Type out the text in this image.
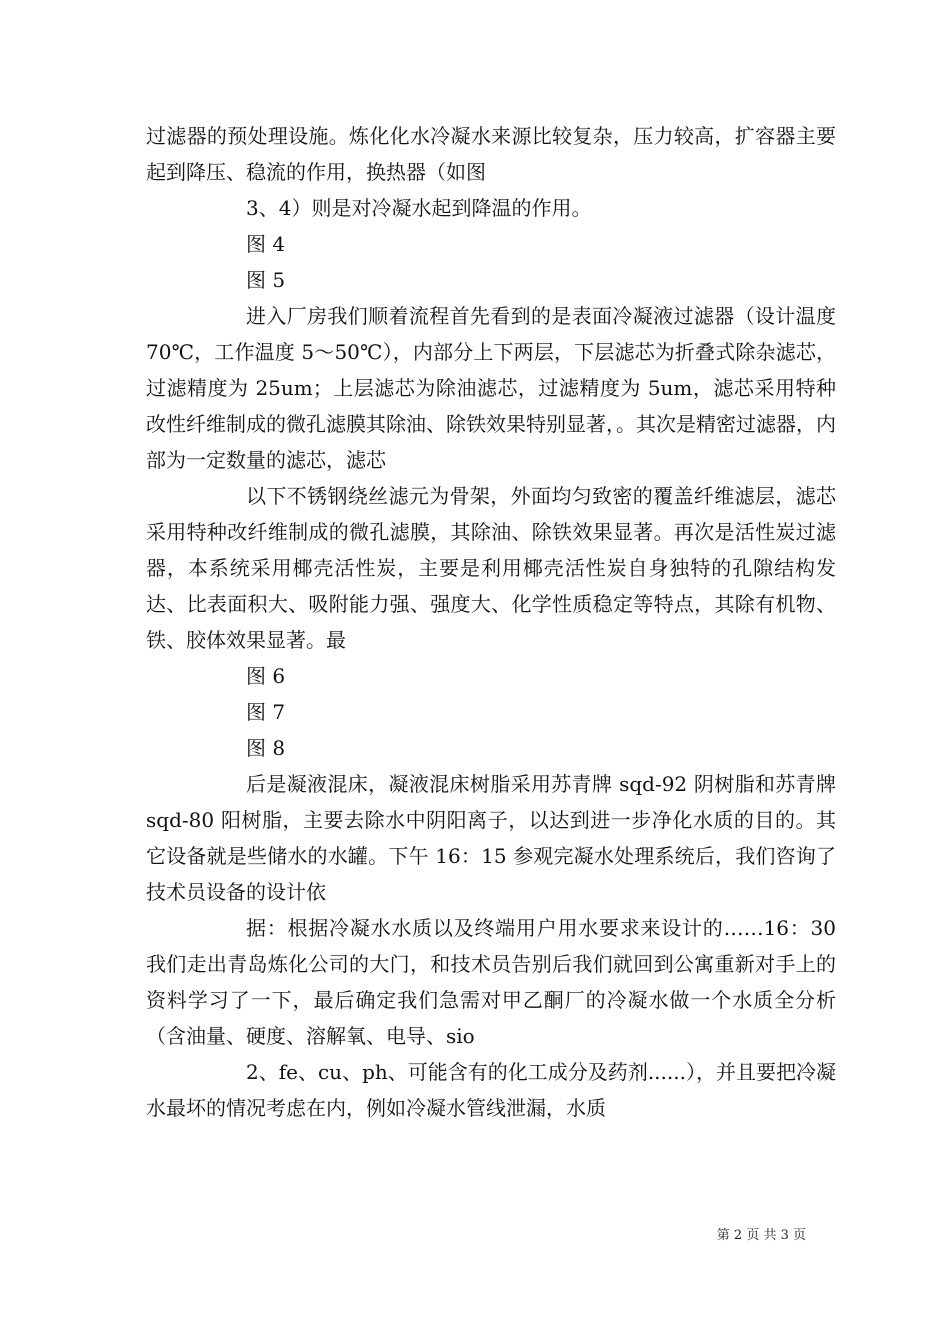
过滤器的预处理设施。炼化化水冷凝水来源比较复杂，压力较高，扩容器主要起到降压、稳流的作用，换热器（如图

3、4）则是对冷凝水起到降温的作用。

图 4

图 5

进入厂房我们顺着流程首先看到的是表面冷凝液过滤器（设计温度 70℃，工作温度 5～50℃），内部分上下两层，下层滤芯为折叠式除杂滤芯，过滤精度为 25um；上层滤芯为除油滤芯，过滤精度为 5um，滤芯采用特种改性纤维制成的微孔滤膜其除油、除铁效果特别显著，。其次是精密过滤器，内部为一定数量的滤芯，滤芯

以下不锈钢绕丝滤元为骨架，外面均匀致密的覆盖纤维滤层，滤芯采用特种改纤维制成的微孔滤膜，其除油、除铁效果显著。再次是活性炭过滤器，本系统采用椰壳活性炭，主要是利用椰壳活性炭自身独特的孔隙结构发达、比表面积大、吸附能力强、强度大、化学性质稳定等特点，其除有机物、铁、胶体效果显著。最

图 6

图 7

图 8

后是凝液混床，凝液混床树脂采用苏青牌 sqd-92 阴树脂和苏青牌 sqd-80 阳树脂，主要去除水中阴阳离子，以达到进一步净化水质的目的。其它设备就是些储水的水罐。下午 16：15 参观完凝水处理系统后，我们咨询了技术员设备的设计依

据：根据冷凝水水质以及终端用户用水要求来设计的……16：30 我们走出青岛炼化公司的大门，和技术员告别后我们就回到公寓重新对手上的资料学习了一下，最后确定我们急需对甲乙酮厂的冷凝水做一个水质全分析（含油量、硬度、溶解氧、电导、sio

2、fe、cu、ph、可能含有的化工成分及药剂......），并且要把冷凝水最坏的情况考虑在内，例如冷凝水管线泄漏，水质

第 2 页 共 3 页
